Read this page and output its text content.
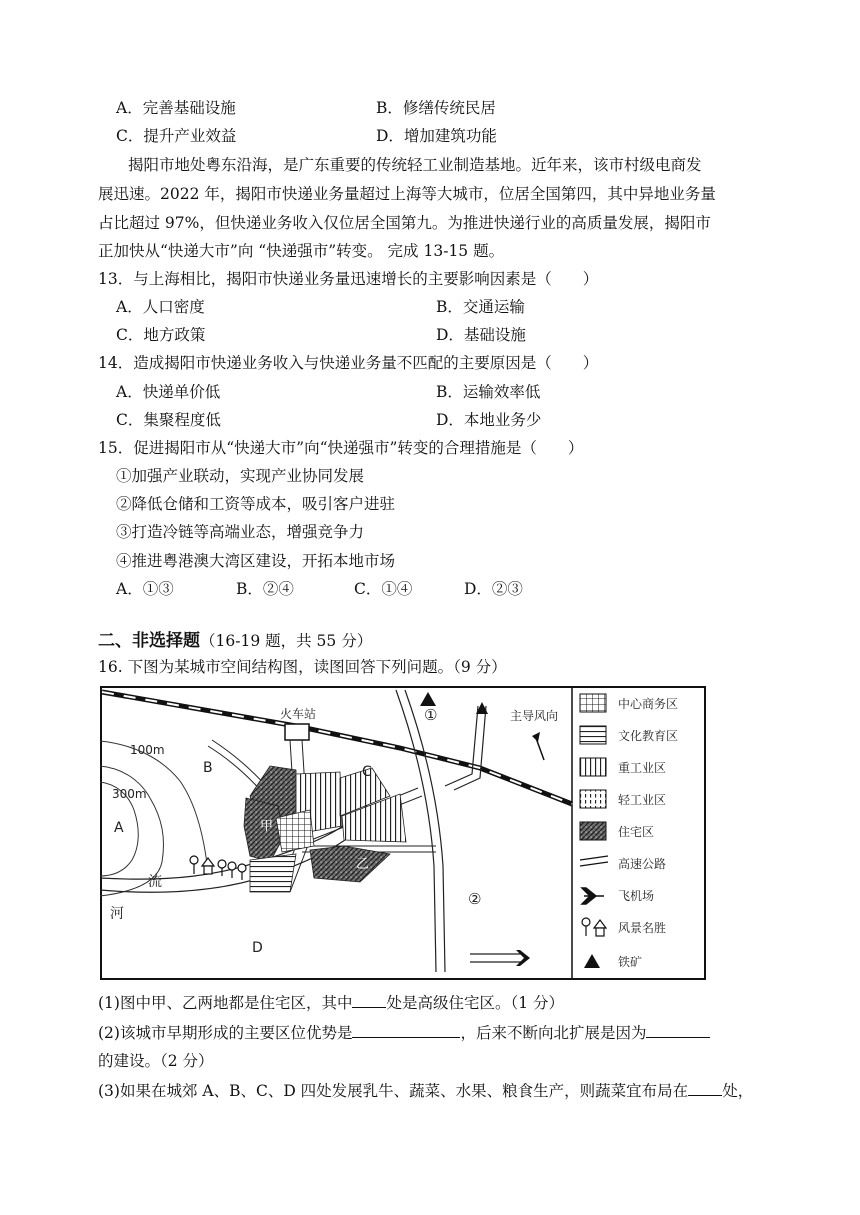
A．完善基础设施	B．修缮传统民居
C．提升产业效益	D．增加建筑功能
揭阳市地处粤东沿海，是广东重要的传统轻工业制造基地。近年来，该市村级电商发
展迅速。2022 年，揭阳市快递业务量超过上海等大城市，位居全国第四，其中异地业务量
占比超过 97%，但快递业务收入仅位居全国第九。为推进快递行业的高质量发展，揭阳市
正加快从“快递大市”向 “快递强市”转变。 完成 13-15 题。
13．与上海相比，揭阳市快递业务量迅速增长的主要影响因素是（　　）
A．人口密度	B．交通运输
C．地方政策	D．基础设施
14．造成揭阳市快递业务收入与快递业务量不匹配的主要原因是（　　）
A．快递单价低	B．运输效率低
C．集聚程度低	D．本地业务少
15．促进揭阳市从“快递大市”向“快递强市”转变的合理措施是（　　）
①加强产业联动，实现产业协同发展
②降低仓储和工资等成本，吸引客户进驻
③打造冷链等高端业态，增强竞争力
④推进粤港澳大湾区建设，开拓本地市场
A．①③	B．②④	C．①④	D．②③
二、非选择题（16-19 题，共 55 分）
16. 下图为某城市空间结构图，读图回答下列问题。（9 分）
100m
300m
火车站
A
B	C
D
甲
乙
①
②
主导风向
流
河
中心商务区
文化教育区
重工业区
轻工业区
住宅区
高速公路
飞机场
风景名胜
铁矿
(1)图中甲、乙两地都是住宅区，其中 处是高级住宅区。（1 分）
(2)该城市早期形成的主要区位优势是	，后来不断向北扩展是因为
的建设。（2 分）
(3)如果在城郊 A、B、C、D 四处发展乳牛、蔬菜、水果、粮食生产，则蔬菜宜布局在 处，
